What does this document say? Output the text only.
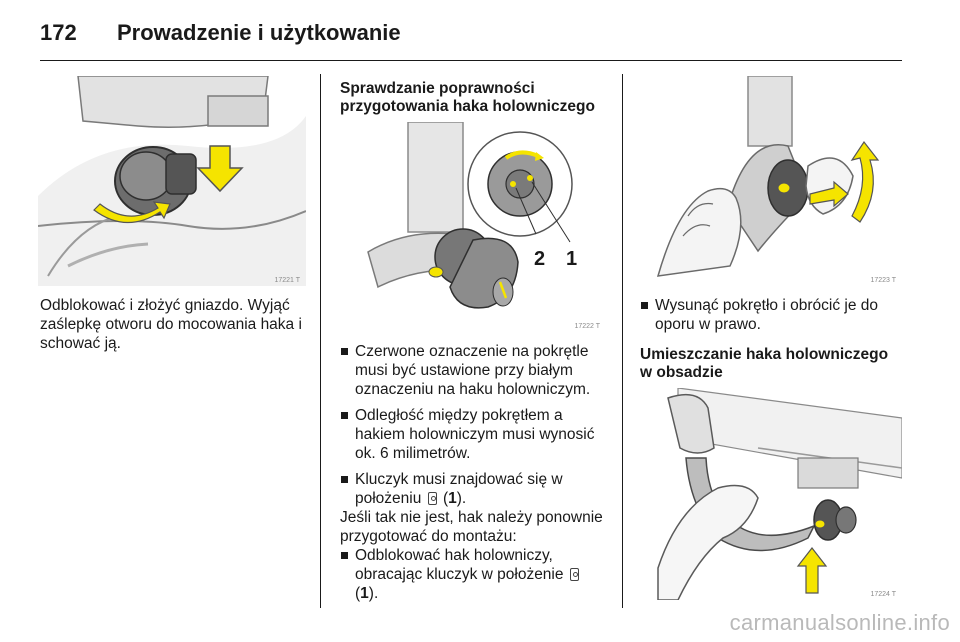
172 Prowadzenie i użytkowanie
17221 T
Odblokować i złożyć gniazdo. Wyjąć zaślepkę otworu do mocowania haka i schować ją.
Sprawdzanie poprawności
przygotowania haka holowniczego
2 1
17222 T
Czerwone oznaczenie na pokrętle musi być ustawione przy białym oznaczeniu na haku holowniczym.
Odległość między pokrętłem a hakiem holowniczym musi wynosić ok. 6 milimetrów.
Kluczyk musi znajdować się w położeniu  (1).
Jeśli tak nie jest, hak należy ponownie przygotować do montażu:
Odblokować hak holowniczy, obracając kluczyk w położenie
(1).
17223 T
Wysunąć pokrętło i obrócić je do oporu w prawo.
Umieszczanie haka holowniczego
w obsadzie
17224 T
carmanualsonline.info
